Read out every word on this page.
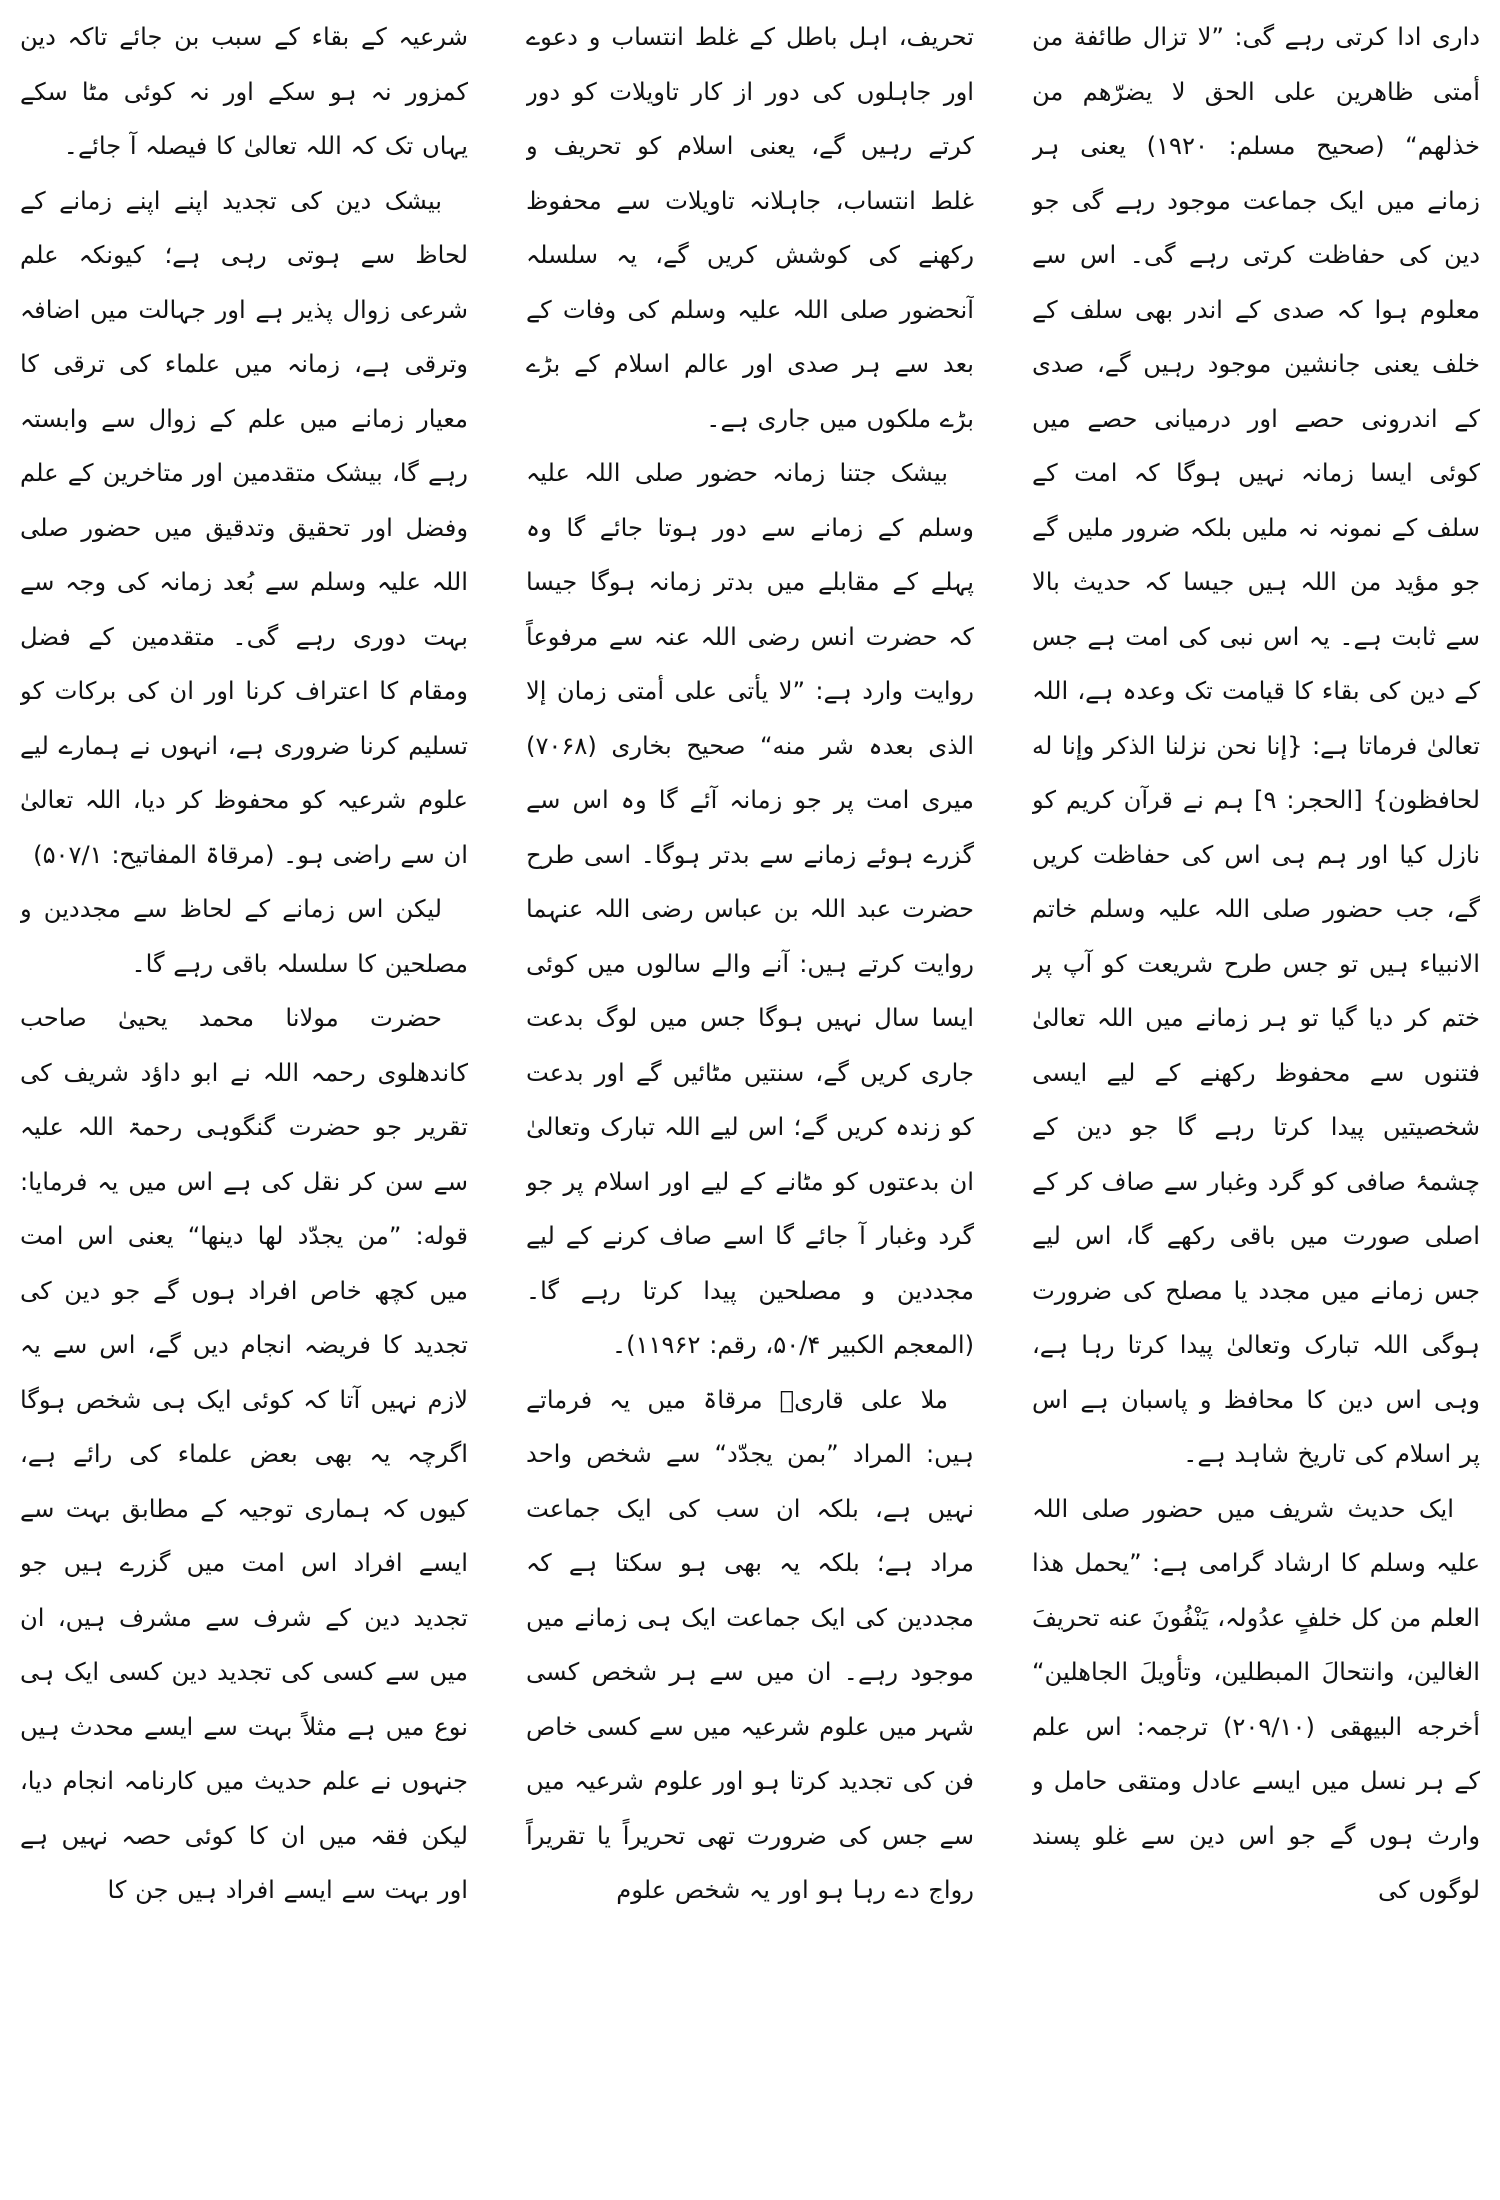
داری ادا کرتی رہے گی: ”لا تزال طائفة من أمتی ظاھرین علی الحق لا یضرّھم من خذلھم“ (صحیح مسلم: ۱۹۲۰) یعنی ہر زمانے میں ایک جماعت موجود رہے گی جو دین کی حفاظت کرتی رہے گی۔ اس سے معلوم ہوا کہ صدی کے اندر بھی سلف کے خلف یعنی جانشین موجود رہیں گے، صدی کے اندرونی حصے اور درمیانی حصے میں کوئی ایسا زمانہ نہیں ہوگا کہ امت کے سلف کے نمونہ نہ ملیں بلکہ ضرور ملیں گے جو مؤید من اللہ ہیں جیسا کہ حدیث بالا سے ثابت ہے۔ یہ اس نبی کی امت ہے جس کے دین کی بقاء کا قیامت تک وعدہ ہے، اللہ تعالیٰ فرماتا ہے: {إنا نحن نزلنا الذکر وإنا له لحافظون} [الحجر: ۹] ہم نے قرآن کریم کو نازل کیا اور ہم ہی اس کی حفاظت کریں گے، جب حضور صلی اللہ علیہ وسلم خاتم الانبیاء ہیں تو جس طرح شریعت کو آپ پر ختم کر دیا گیا تو ہر زمانے میں اللہ تعالیٰ فتنوں سے محفوظ رکھنے کے لیے ایسی شخصیتیں پیدا کرتا رہے گا جو دین کے چشمۂ صافی کو گرد وغبار سے صاف کر کے اصلی صورت میں باقی رکھے گا، اس لیے جس زمانے میں مجدد یا مصلح کی ضرورت ہوگی اللہ تبارک وتعالیٰ پیدا کرتا رہا ہے، وہی اس دین کا محافظ و پاسبان ہے اس پر اسلام کی تاریخ شاہد ہے۔

ایک حدیث شریف میں حضور صلی اللہ علیہ وسلم کا ارشاد گرامی ہے: ”یحمل ھذا العلم من کل خلفٍ عدُولہ، یَنْفُونَ عنه تحریفَ الغالین، وانتحالَ المبطلین، وتأویلَ الجاھلین“ أخرجه البیھقی (۲۰۹/۱۰) ترجمہ: اس علم کے ہر نسل میں ایسے عادل ومتقی حامل و وارث ہوں گے جو اس دین سے غلو پسند لوگوں کی

تحریف، اہل باطل کے غلط انتساب و دعوے اور جاہلوں کی دور از کار تاویلات کو دور کرتے رہیں گے، یعنی اسلام کو تحریف و غلط انتساب، جاہلانہ تاویلات سے محفوظ رکھنے کی کوشش کریں گے، یہ سلسلہ آنحضور صلی اللہ علیہ وسلم کی وفات کے بعد سے ہر صدی اور عالم اسلام کے بڑے بڑے ملکوں میں جاری ہے۔

بیشک جتنا زمانہ حضور صلی اللہ علیہ وسلم کے زمانے سے دور ہوتا جائے گا وہ پہلے کے مقابلے میں بدتر زمانہ ہوگا جیسا کہ حضرت انس رضی اللہ عنہ سے مرفوعاً روایت وارد ہے: ”لا یأتی علی أمتی زمان إلا الذی بعدہ شر منه“ صحیح بخاری (۷۰۶۸) میری امت پر جو زمانہ آئے گا وہ اس سے گزرے ہوئے زمانے سے بدتر ہوگا۔ اسی طرح حضرت عبد اللہ بن عباس رضی اللہ عنہما روایت کرتے ہیں: آنے والے سالوں میں کوئی ایسا سال نہیں ہوگا جس میں لوگ بدعت جاری کریں گے، سنتیں مٹائیں گے اور بدعت کو زندہ کریں گے؛ اس لیے اللہ تبارک وتعالیٰ ان بدعتوں کو مٹانے کے لیے اور اسلام پر جو گرد وغبار آ جائے گا اسے صاف کرنے کے لیے مجددین و مصلحین پیدا کرتا رہے گا۔ (المعجم الکبیر ۵۰/۴، رقم: ۱۱۹۶۲)۔

ملا علی قاریؒ مرقاۃ میں یہ فرماتے ہیں: المراد ”بمن یجدّد“ سے شخص واحد نہیں ہے، بلکہ ان سب کی ایک جماعت مراد ہے؛ بلکہ یہ بھی ہو سکتا ہے کہ مجددین کی ایک جماعت ایک ہی زمانے میں موجود رہے۔ ان میں سے ہر شخص کسی شہر میں علوم شرعیہ میں سے کسی خاص فن کی تجدید کرتا ہو اور علوم شرعیہ میں سے جس کی ضرورت تھی تحریراً یا تقریراً رواج دے رہا ہو اور یہ شخص علوم

شرعیہ کے بقاء کے سبب بن جائے تاکہ دین کمزور نہ ہو سکے اور نہ کوئی مٹا سکے یہاں تک کہ اللہ تعالیٰ کا فیصلہ آ جائے۔

بیشک دین کی تجدید اپنے اپنے زمانے کے لحاظ سے ہوتی رہی ہے؛ کیونکہ علم شرعی زوال پذیر ہے اور جہالت میں اضافہ وترقی ہے، زمانہ میں علماء کی ترقی کا معیار زمانے میں علم کے زوال سے وابستہ رہے گا، بیشک متقدمین اور متاخرین کے علم وفضل اور تحقیق وتدقیق میں حضور صلی اللہ علیہ وسلم سے بُعد زمانہ کی وجہ سے بہت دوری رہے گی۔ متقدمین کے فضل ومقام کا اعتراف کرنا اور ان کی برکات کو تسلیم کرنا ضروری ہے، انہوں نے ہمارے لیے علوم شرعیہ کو محفوظ کر دیا، اللہ تعالیٰ ان سے راضی ہو۔ (مرقاۃ المفاتیح: ۵۰۷/۱)

لیکن اس زمانے کے لحاظ سے مجددین و مصلحین کا سلسلہ باقی رہے گا۔

حضرت مولانا محمد یحییٰ صاحب کاندھلوی رحمہ اللہ نے ابو داؤد شریف کی تقریر جو حضرت گنگوہی رحمۃ اللہ علیہ سے سن کر نقل کی ہے اس میں یہ فرمایا: قوله: ”من یجدّد لھا دینھا“ یعنی اس امت میں کچھ خاص افراد ہوں گے جو دین کی تجدید کا فریضہ انجام دیں گے، اس سے یہ لازم نہیں آتا کہ کوئی ایک ہی شخص ہوگا اگرچہ یہ بھی بعض علماء کی رائے ہے، کیوں کہ ہماری توجیہ کے مطابق بہت سے ایسے افراد اس امت میں گزرے ہیں جو تجدید دین کے شرف سے مشرف ہیں، ان میں سے کسی کی تجدید دین کسی ایک ہی نوع میں ہے مثلاً بہت سے ایسے محدث ہیں جنہوں نے علم حدیث میں کارنامہ انجام دیا، لیکن فقہ میں ان کا کوئی حصہ نہیں ہے اور بہت سے ایسے افراد ہیں جن کا
